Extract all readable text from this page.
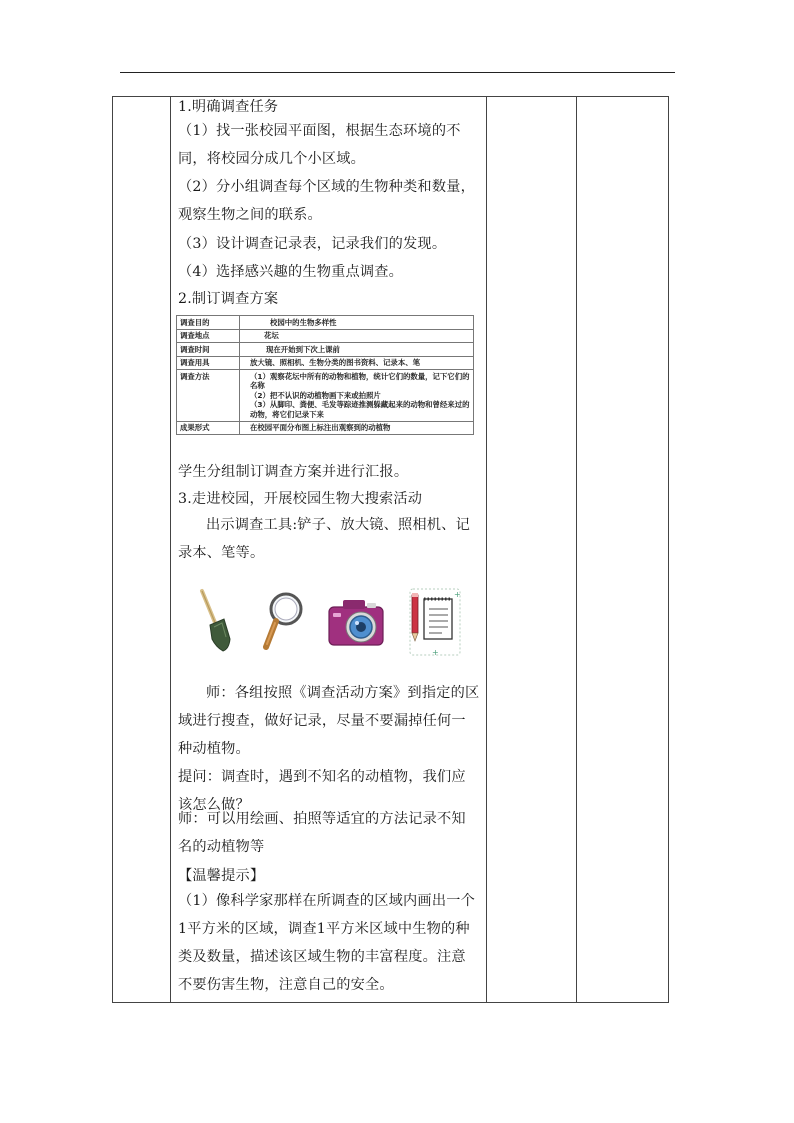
1.明确调查任务
（1）找一张校园平面图，根据生态环境的不同，将校园分成几个小区域。
（2）分小组调查每个区域的生物种类和数量，观察生物之间的联系。
（3）设计调查记录表，记录我们的发现。
（4）选择感兴趣的生物重点调查。
2.制订调查方案
调查目的	校园中的生物多样性
调查地点	花坛
调查时间	现在开始到下次上课前
调查用具	放大镜、照相机、生物分类的图书资料、记录本、笔
调查方法	（1）观察花坛中所有的动物和植物，统计它们的数量，记下它们的名称
（2）把不认识的动植物画下来或拍照片
（3）从脚印、粪便、毛发等踪迹推测躲藏起来的动物和曾经来过的动物，将它们记录下来
成果形式	在校园平面分布图上标注出观察到的动植物
学生分组制订调查方案并进行汇报。
3.走进校园，开展校园生物大搜索活动
出示调查工具:铲子、放大镜、照相机、记录本、笔等。
+
+
师：各组按照《调查活动方案》到指定的区域进行搜查，做好记录，尽量不要漏掉任何一种动植物。
提问：调查时，遇到不知名的动植物，我们应该怎么做？
师：可以用绘画、拍照等适宜的方法记录不知名的动植物等
【温馨提示】
（1）像科学家那样在所调查的区域内画出一个1平方米的区域，调查1平方米区域中生物的种类及数量，描述该区域生物的丰富程度。注意不要伤害生物，注意自己的安全。
